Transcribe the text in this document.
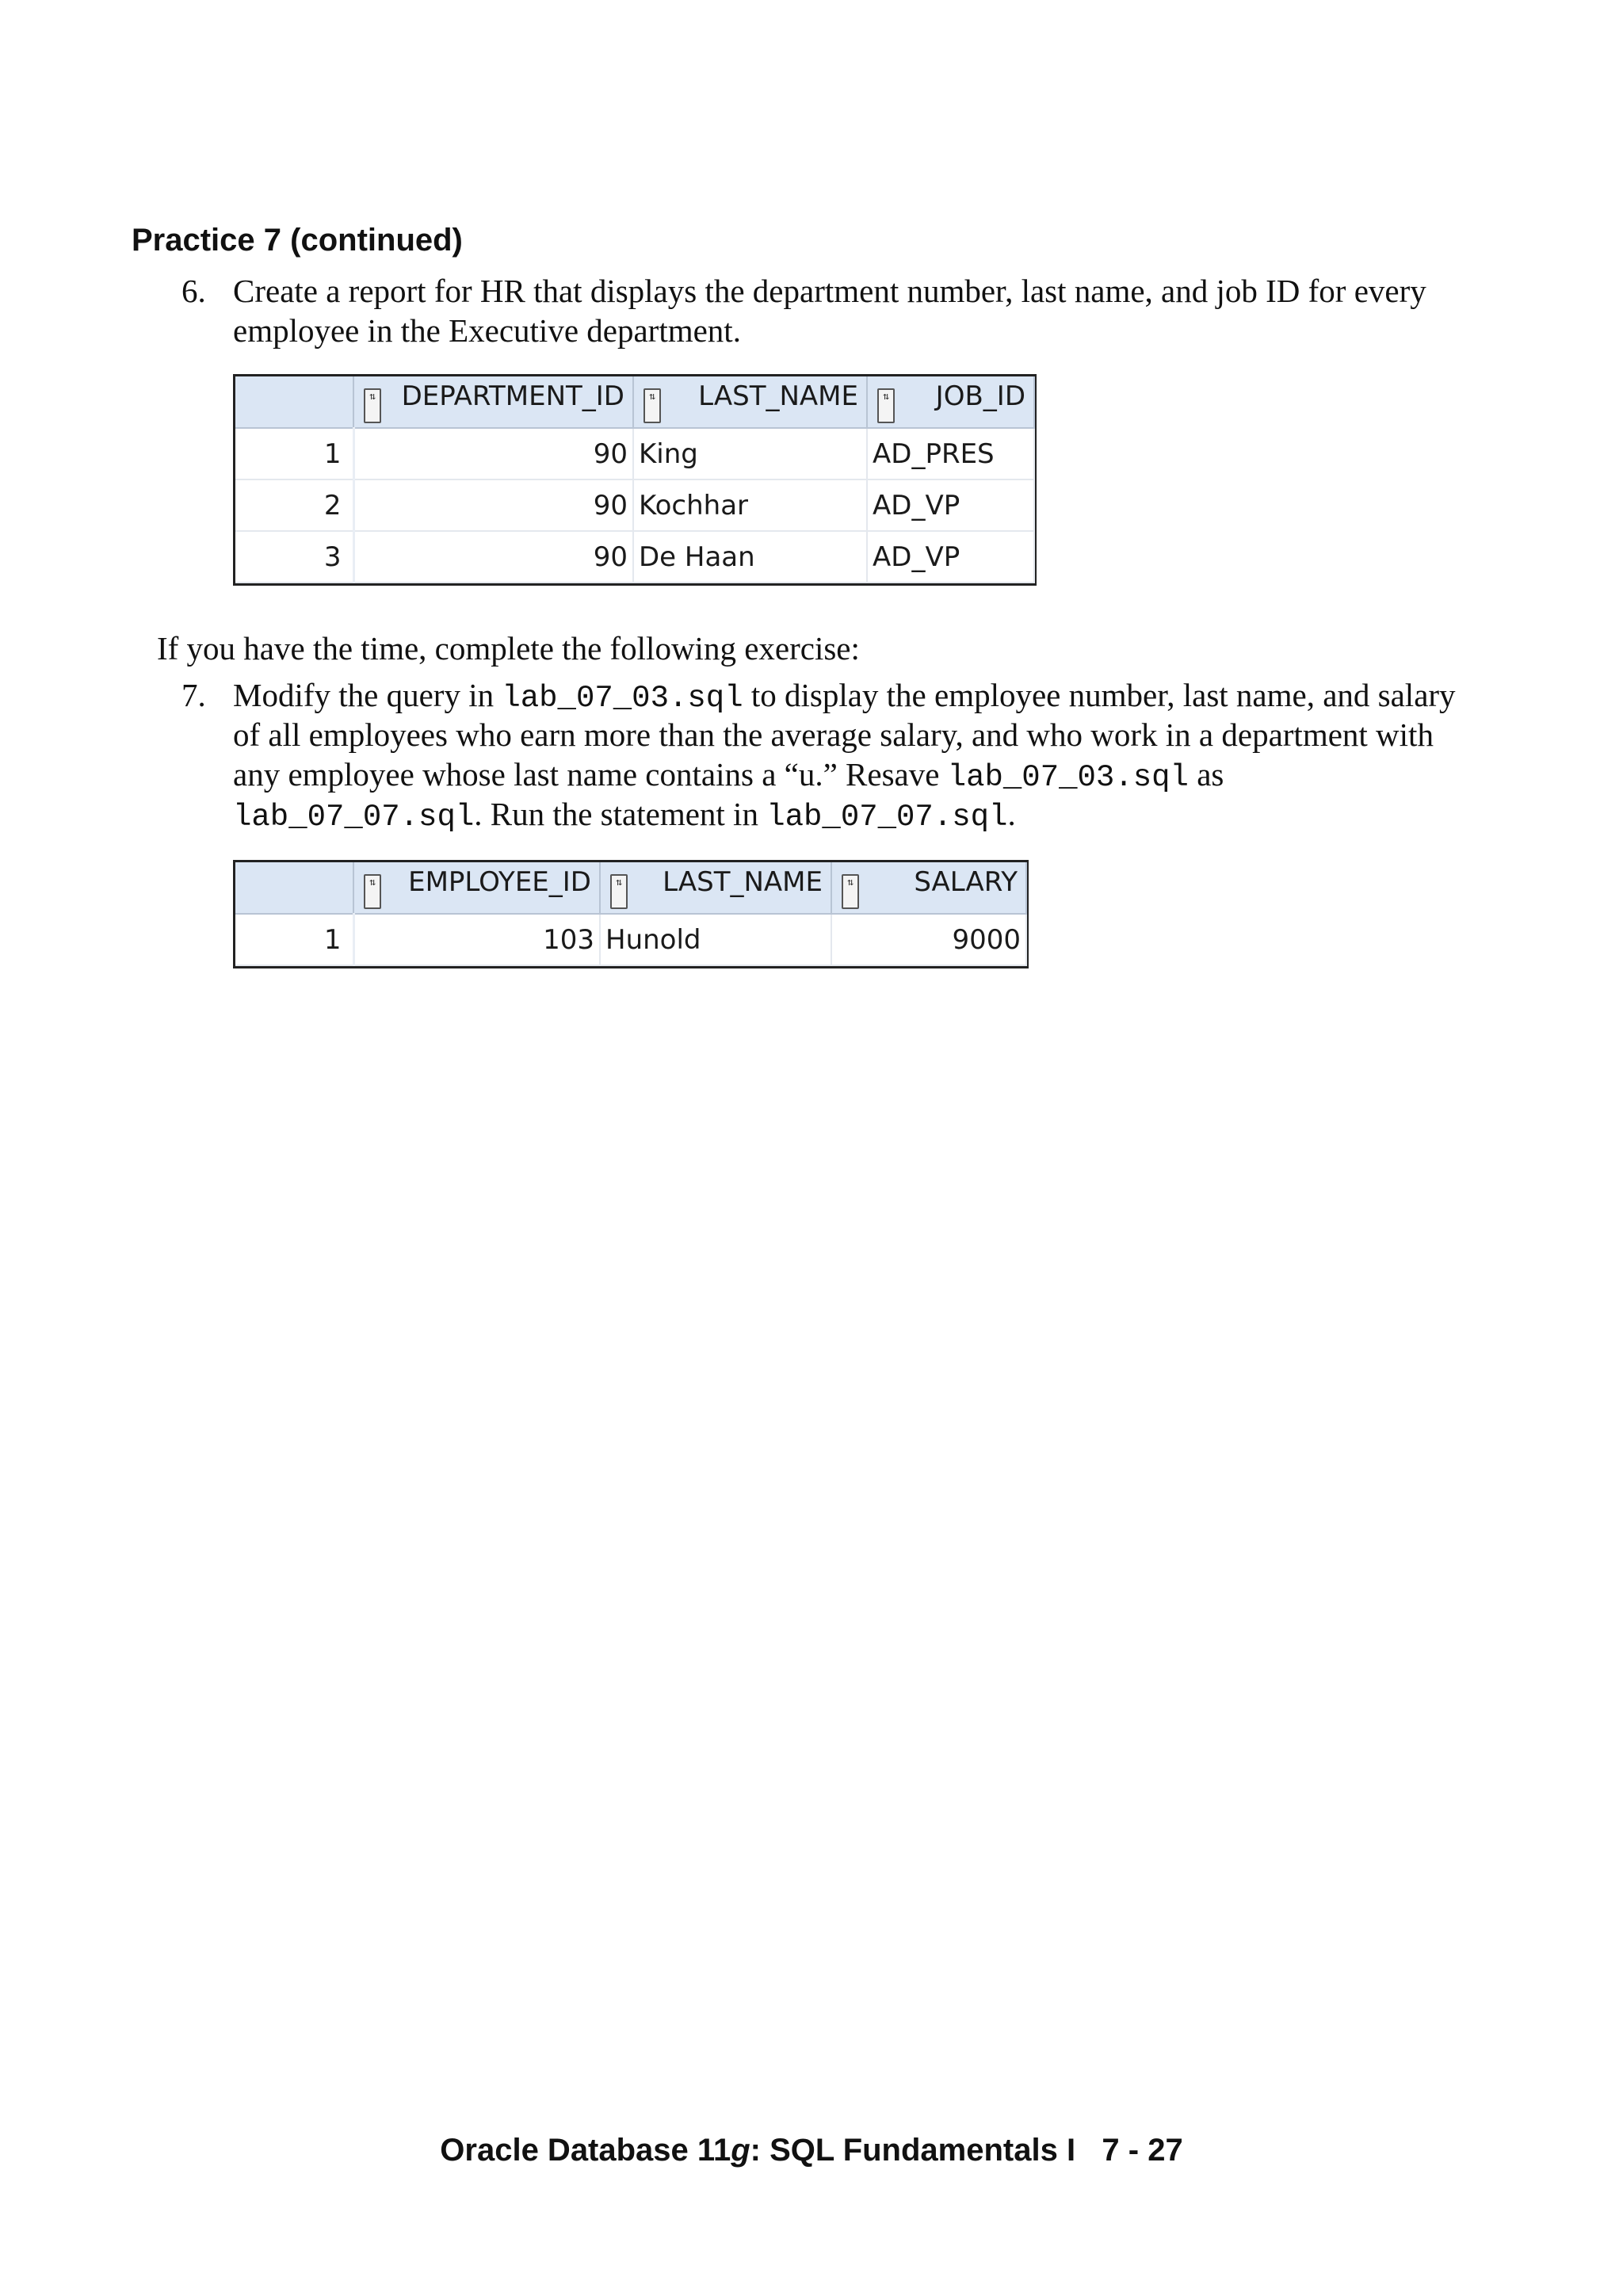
Practice 7 (continued)
6. Create a report for HR that displays the department number, last name, and job ID for every
employee in the Executive department.

	⇅ DEPARTMENT_ID	⇅ LAST_NAME	⇅ JOB_ID
1	90	King	AD_PRES
2	90	Kochhar	AD_VP
3	90	De Haan	AD_VP
If you have the time, complete the following exercise:
7. Modify the query in lab_07_03.sql to display the employee number, last name, and salary
of all employees who earn more than the average salary, and who work in a department with
any employee whose last name contains a “u.” Resave lab_07_03.sql as
lab_07_07.sql. Run the statement in lab_07_07.sql.

	⇅ EMPLOYEE_ID	⇅ LAST_NAME	⇅ SALARY
1	103	Hunold	9000
Oracle Database 11g: SQL Fundamentals I   7 - 27
